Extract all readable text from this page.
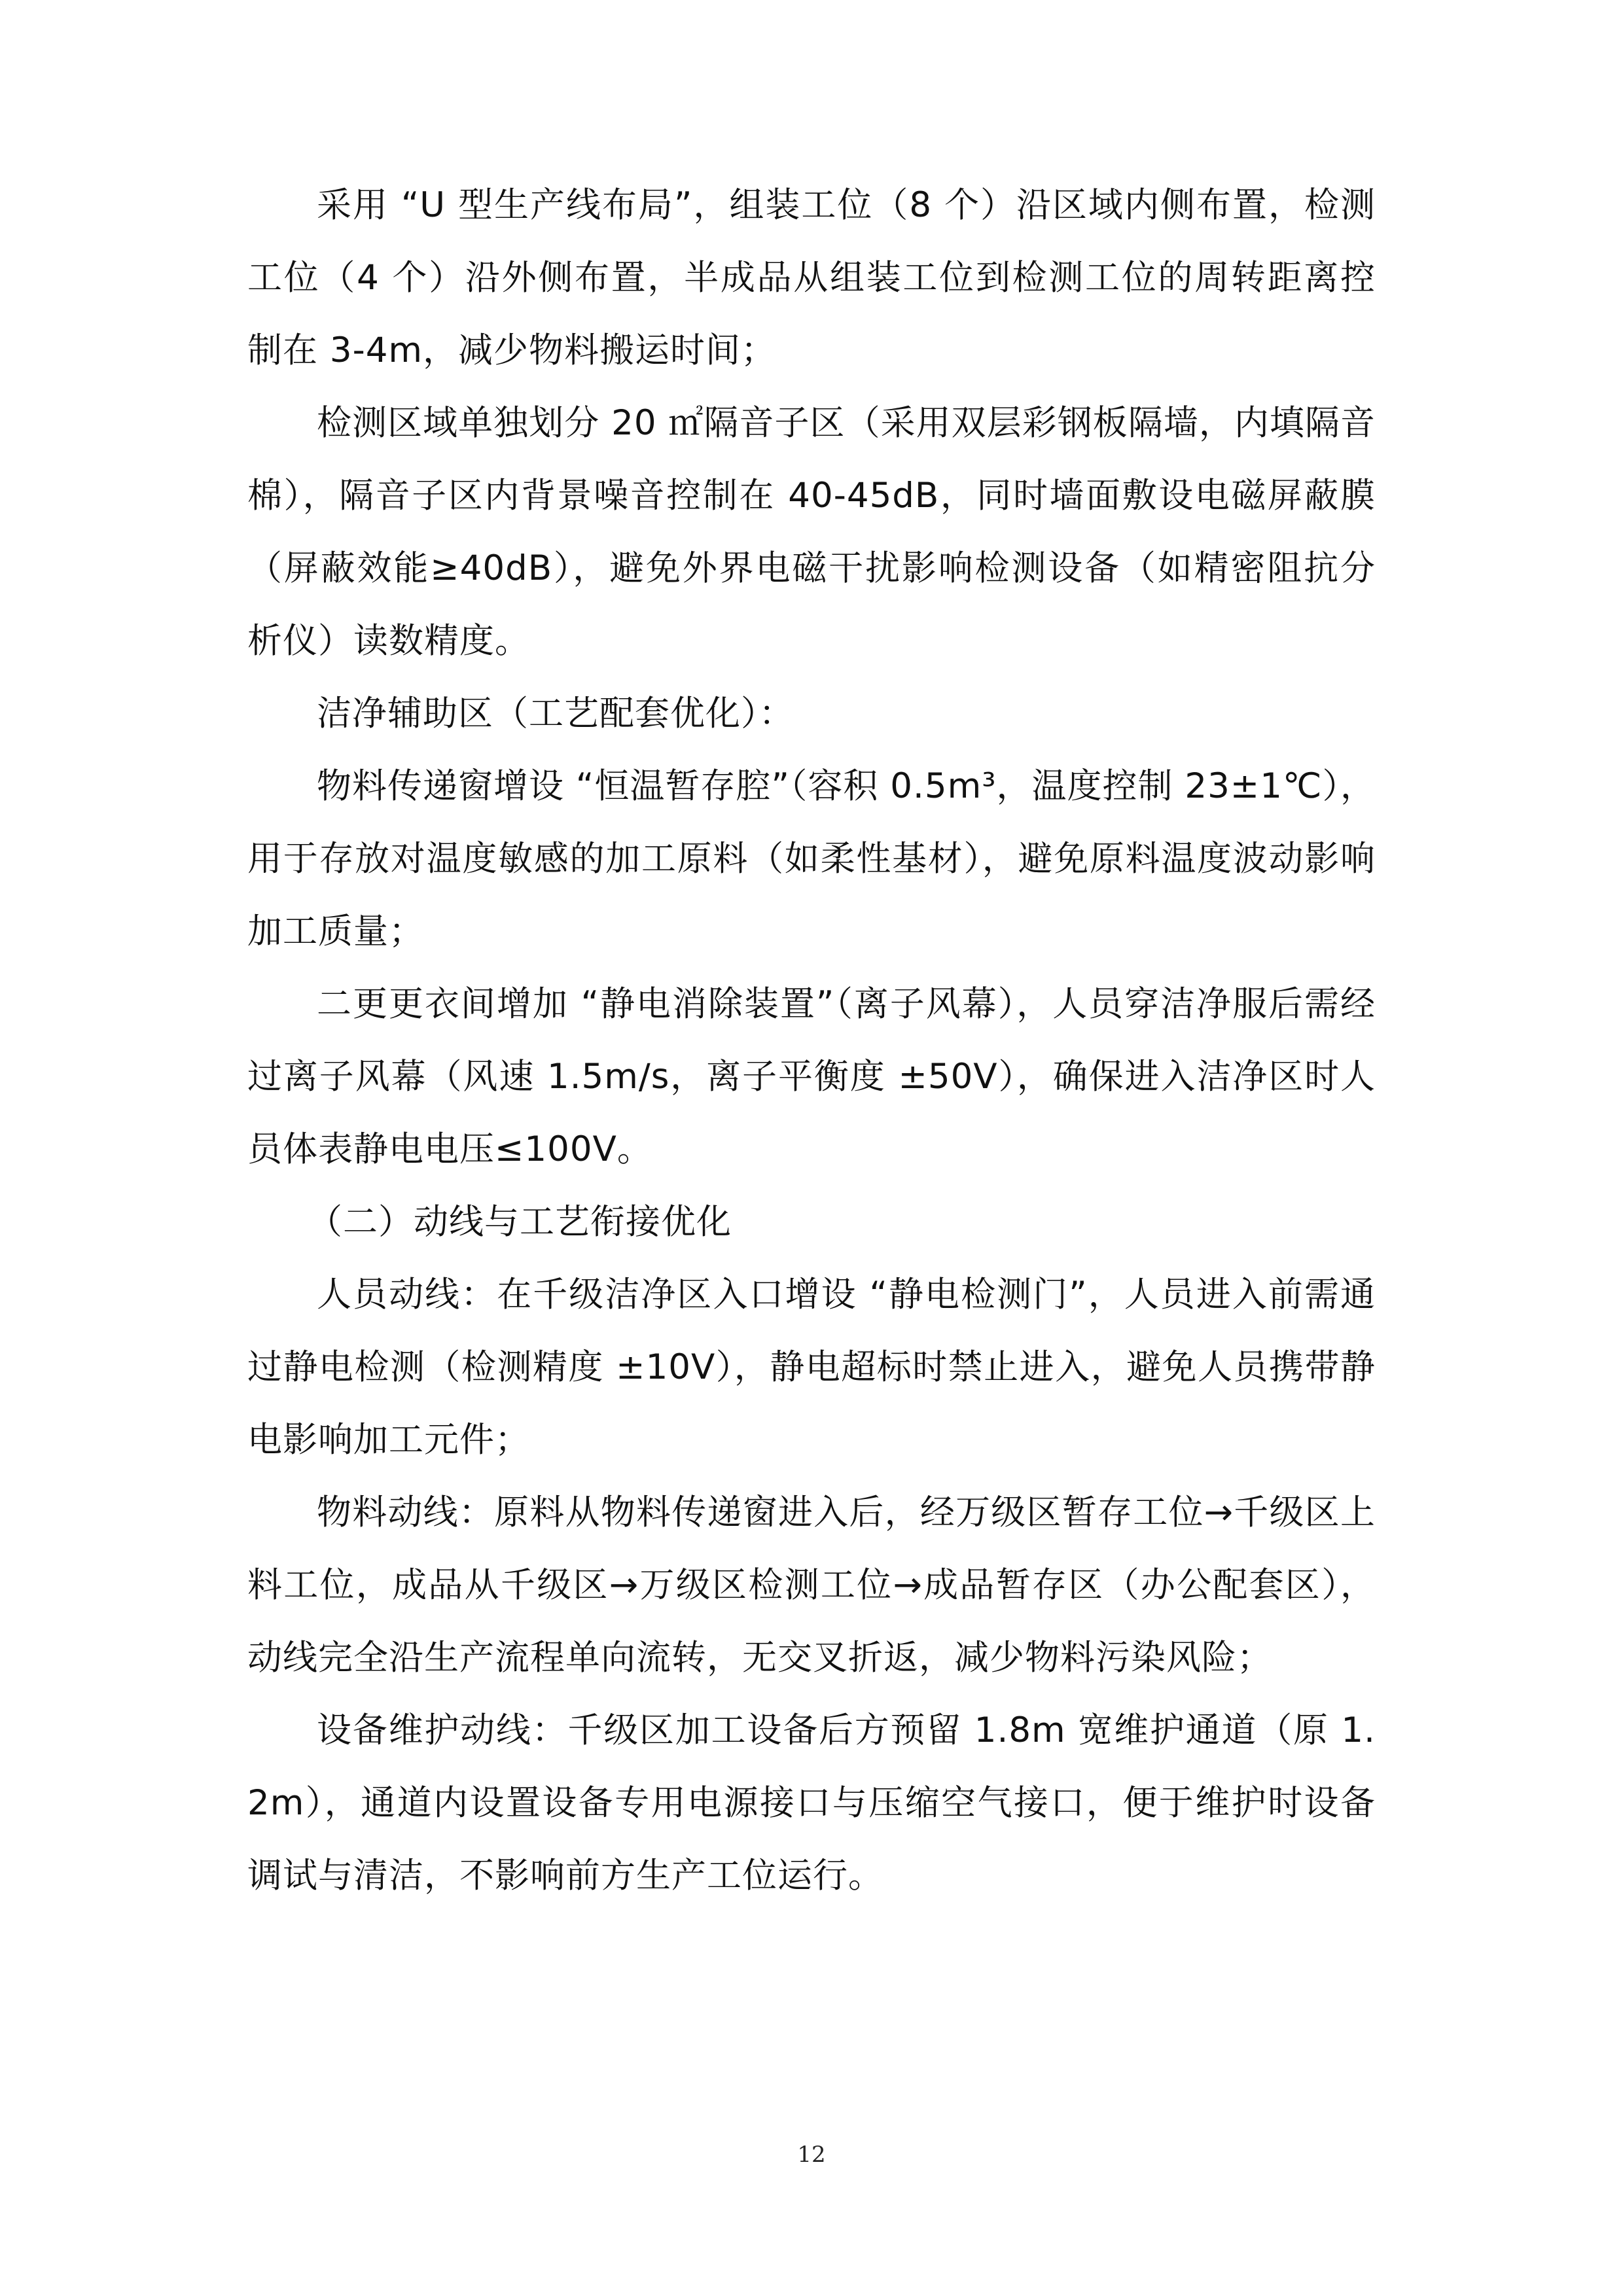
采用 “U 型生产线布局”，组装工位（8 个）沿区域内侧布置，检测工位（4 个）沿外侧布置，半成品从组装工位到检测工位的周转距离控制在 3-4m，减少物料搬运时间；

检测区域单独划分 20 ㎡隔音子区（采用双层彩钢板隔墙，内填隔音棉），隔音子区内背景噪音控制在 40-45dB，同时墙面敷设电磁屏蔽膜（屏蔽效能≥40dB），避免外界电磁干扰影响检测设备（如精密阻抗分析仪）读数精度。

洁净辅助区（工艺配套优化）：

物料传递窗增设 “恒温暂存腔”（容积 0.5m³，温度控制 23±1℃），用于存放对温度敏感的加工原料（如柔性基材），避免原料温度波动影响加工质量；

二更更衣间增加 “静电消除装置”（离子风幕），人员穿洁净服后需经过离子风幕（风速 1.5m/s，离子平衡度 ±50V），确保进入洁净区时人员体表静电电压≤100V。

（二）动线与工艺衔接优化

人员动线：在千级洁净区入口增设 “静电检测门”，人员进入前需通过静电检测（检测精度 ±10V），静电超标时禁止进入，避免人员携带静电影响加工元件；

物料动线：原料从物料传递窗进入后，经万级区暂存工位→千级区上料工位，成品从千级区→万级区检测工位→成品暂存区（办公配套区），动线完全沿生产流程单向流转，无交叉折返，减少物料污染风险；

设备维护动线：千级区加工设备后方预留 1.8m 宽维护通道（原 1.2m），通道内设置设备专用电源接口与压缩空气接口，便于维护时设备调试与清洁，不影响前方生产工位运行。

12
